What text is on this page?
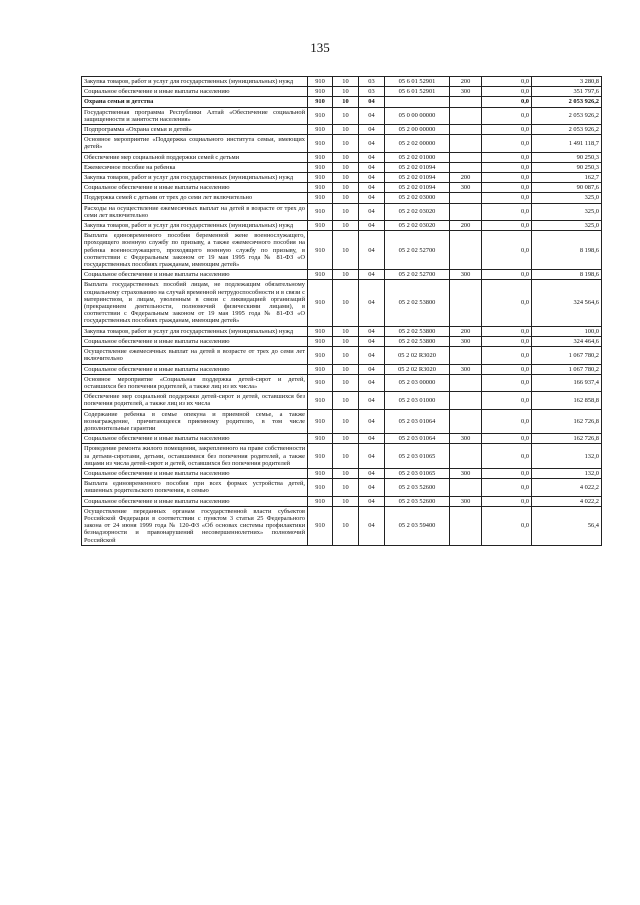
135
Закупка товаров, работ и услуг для государственных (муниципальных) нужд	910	10	03	05 6 01 52901	200	0,0	3 280,8
Социальное обеспечение и иные выплаты населению	910	10	03	05 6 01 52901	300	0,0	351 797,6
Охрана семьи и детства	910	10	04			0,0	2 053 926,2
Государственная программа Республики Алтай «Обеспечение социальной защищенности и занятости населения»	910	10	04	05 0 00 00000		0,0	2 053 926,2
Подпрограмма «Охрана семьи и детей»	910	10	04	05 2 00 00000		0,0	2 053 926,2
Основное мероприятие «Поддержка социального института семьи, имеющих детей»	910	10	04	05 2 02 00000		0,0	1 491 118,7
Обеспечение мер социальной поддержки семей с детьми	910	10	04	05 2 02 01000		0,0	90 250,3
Ежемесячное пособие на ребенка	910	10	04	05 2 02 01094		0,0	90 250,3
Закупка товаров, работ и услуг для государственных (муниципальных) нужд	910	10	04	05 2 02 01094	200	0,0	162,7
Социальное обеспечение и иные выплаты населению	910	10	04	05 2 02 01094	300	0,0	90 087,6
Поддержка семей с детьми от трех до семи лет включительно	910	10	04	05 2 02 03000		0,0	325,0
Расходы на осуществление ежемесячных выплат на детей в возрасте от трех до семи лет включительно	910	10	04	05 2 02 03020		0,0	325,0
Закупка товаров, работ и услуг для государственных (муниципальных) нужд	910	10	04	05 2 02 03020	200	0,0	325,0
Выплата единовременного пособия беременной жене военнослужащего, проходящего военную службу по призыву, а также ежемесячного пособия на ребенка военнослужащего, проходящего военную службу по призыву, в соответствии с Федеральным законом от 19 мая 1995 года № 81-ФЗ «О государственных пособиях гражданам, имеющим детей»	910	10	04	05 2 02 52700		0,0	8 198,6
Социальное обеспечение и иные выплаты населению	910	10	04	05 2 02 52700	300	0,0	8 198,6
Выплата государственных пособий лицам, не подлежащим обязательному социальному страхованию на случай временной нетрудоспособности и в связи с материнством, и лицам, уволенным в связи с ликвидацией организаций (прекращением деятельности, полномочий физическими лицами), в соответствии с Федеральным законом от 19 мая 1995 года № 81-ФЗ «О государственных пособиях гражданам, имеющим детей»	910	10	04	05 2 02 53800		0,0	324 564,6
Закупка товаров, работ и услуг для государственных (муниципальных) нужд	910	10	04	05 2 02 53800	200	0,0	100,0
Социальное обеспечение и иные выплаты населению	910	10	04	05 2 02 53800	300	0,0	324 464,6
Осуществление ежемесячных выплат на детей в возрасте от трех до семи лет включительно	910	10	04	05 2 02 R3020		0,0	1 067 780,2
Социальное обеспечение и иные выплаты населению	910	10	04	05 2 02 R3020	300	0,0	1 067 780,2
Основное мероприятие «Социальная поддержка детей-сирот и детей, оставшихся без попечения родителей, а также лиц из их числа»	910	10	04	05 2 03 00000		0,0	166 937,4
Обеспечение мер социальной поддержки детей-сирот и детей, оставшихся без попечения родителей, а также лиц из их числа	910	10	04	05 2 03 01000		0,0	162 858,8
Содержание ребенка в семье опекуна и приемной семье, а также вознаграждение, причитающееся приемному родителю, в том числе дополнительные гарантии	910	10	04	05 2 03 01064		0,0	162 726,8
Социальное обеспечение и иные выплаты населению	910	10	04	05 2 03 01064	300	0,0	162 726,8
Проведение ремонта жилого помещения, закрепленного на праве собственности за детьми-сиротами, детьми, оставшимися без попечения родителей, а также лицами из числа детей-сирот и детей, оставшихся без попечения родителей	910	10	04	05 2 03 01065		0,0	132,0
Социальное обеспечение и иные выплаты населению	910	10	04	05 2 03 01065	300	0,0	132,0
Выплата единовременного пособия при всех формах устройства детей, лишенных родительского попечения, в семью	910	10	04	05 2 03 52600		0,0	4 022,2
Социальное обеспечение и иные выплаты населению	910	10	04	05 2 03 52600	300	0,0	4 022,2
Осуществление переданных органам государственной власти субъектов Российской Федерации в соответствии с пунктом 3 статьи 25 Федерального закона от 24 июня 1999 года № 120-ФЗ «Об основах системы профилактики безнадзорности и правонарушений несовершеннолетних» полномочий Российской	910	10	04	05 2 03 59400		0,0	56,4
